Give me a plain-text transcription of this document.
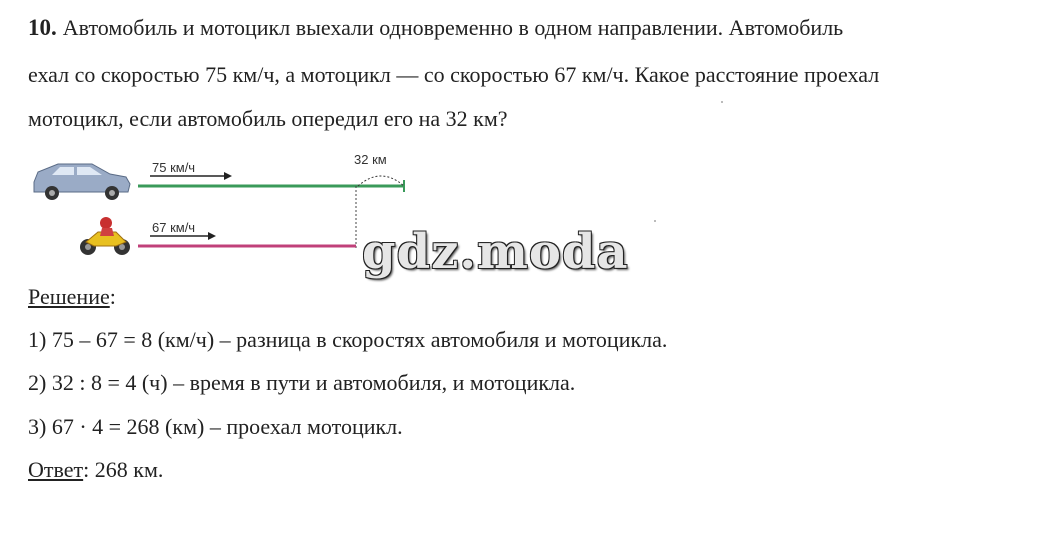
10. Автомобиль и мотоцикл выехали одновременно в одном направлении. Автомобиль
ехал со скоростью 75 км/ч, а мотоцикл — со скоростью 67 км/ч. Какое расстояние проехал
мотоцикл, если автомобиль опередил его на 32 км?
75 км/ч
32 км
67 км/ч	gdz.moda
Решение:
1) 75 – 67 = 8 (км/ч) – разница в скоростях автомобиля и мотоцикла.
2) 32 : 8 = 4 (ч) – время в пути и автомобиля, и мотоцикла.
3) 67 · 4 = 268 (км) – проехал мотоцикл.
Ответ: 268 км.
